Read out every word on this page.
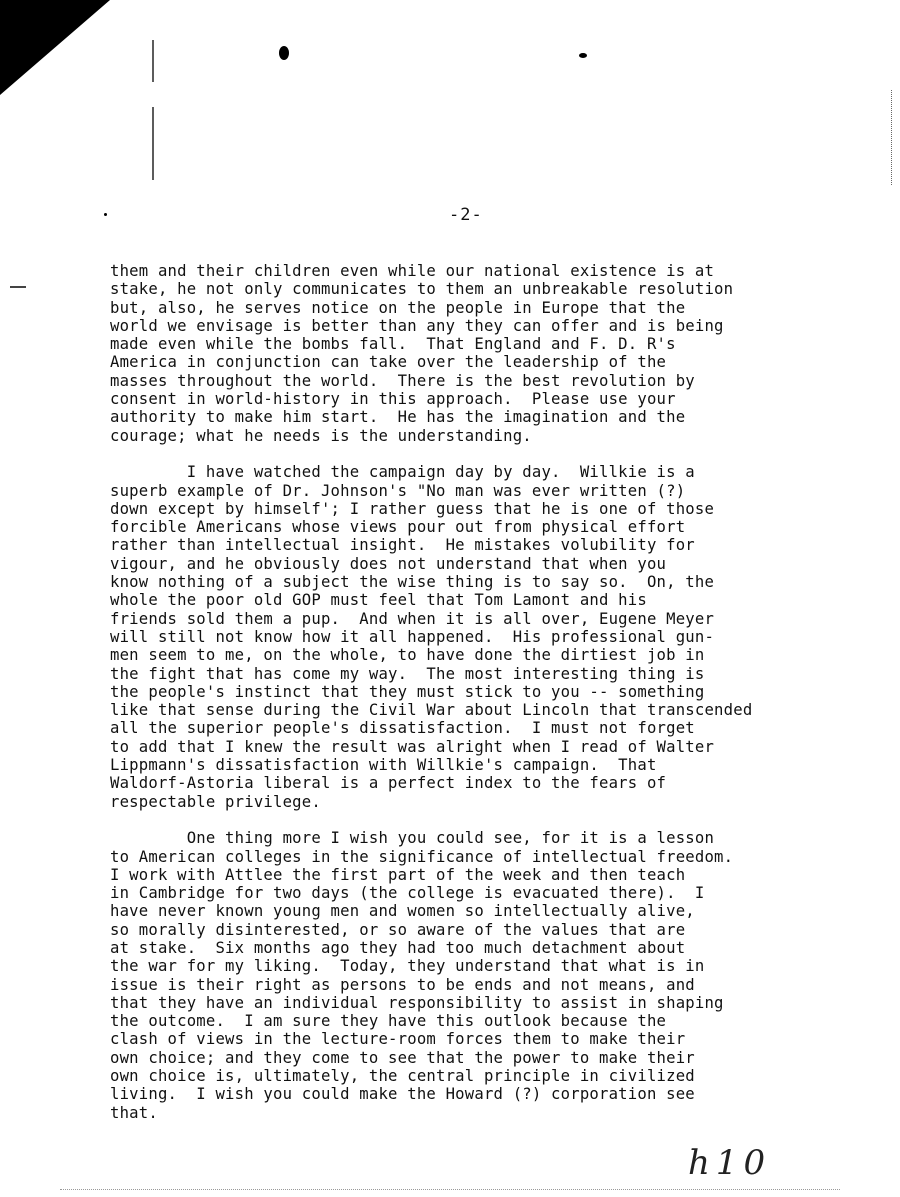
-2-

them and their children even while our national existence is at
stake, he not only communicates to them an unbreakable resolution
but, also, he serves notice on the people in Europe that the
world we envisage is better than any they can offer and is being
made even while the bombs fall.  That England and F. D. R's
America in conjunction can take over the leadership of the
masses throughout the world.  There is the best revolution by
consent in world-history in this approach.  Please use your
authority to make him start.  He has the imagination and the
courage; what he needs is the understanding.

I have watched the campaign day by day.  Willkie is a
superb example of Dr. Johnson's "No man was ever written (?)
down except by himself'; I rather guess that he is one of those
forcible Americans whose views pour out from physical effort
rather than intellectual insight.  He mistakes volubility for
vigour, and he obviously does not understand that when you
know nothing of a subject the wise thing is to say so.  On, the
whole the poor old GOP must feel that Tom Lamont and his
friends sold them a pup.  And when it is all over, Eugene Meyer
will still not know how it all happened.  His professional gun-
men seem to me, on the whole, to have done the dirtiest job in
the fight that has come my way.  The most interesting thing is
the people's instinct that they must stick to you -- something
like that sense during the Civil War about Lincoln that transcended
all the superior people's dissatisfaction.  I must not forget
to add that I knew the result was alright when I read of Walter
Lippmann's dissatisfaction with Willkie's campaign.  That
Waldorf-Astoria liberal is a perfect index to the fears of
respectable privilege.

One thing more I wish you could see, for it is a lesson
to American colleges in the significance of intellectual freedom.
I work with Attlee the first part of the week and then teach
in Cambridge for two days (the college is evacuated there).  I
have never known young men and women so intellectually alive,
so morally disinterested, or so aware of the values that are
at stake.  Six months ago they had too much detachment about
the war for my liking.  Today, they understand that what is in
issue is their right as persons to be ends and not means, and
that they have an individual responsibility to assist in shaping
the outcome.  I am sure they have this outlook because the
clash of views in the lecture-room forces them to make their
own choice; and they come to see that the power to make their
own choice is, ultimately, the central principle in civilized
living.  I wish you could make the Howard (?) corporation see
that.

h10
